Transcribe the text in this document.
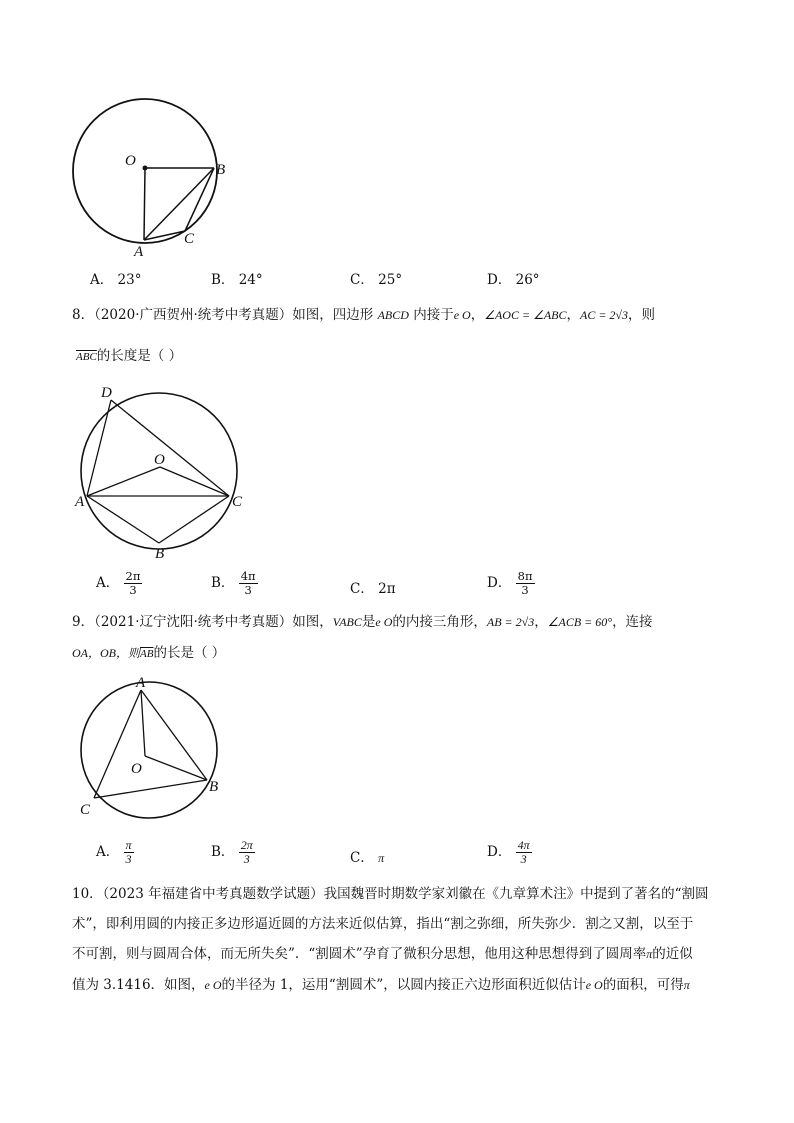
O
B
C
A
A． 23°	B． 24°	C． 25°	D． 26°
8．（2020·广西贺州·统考中考真题）如图，四边形 ABCD 内接于e O，∠AOC = ∠ABC，AC = 2√3，则
$\overline{ABC}$的长度是（ ）
D
O
A	C
B
A． $\frac{2\pi}{3}$	B． $\frac{4\pi}{3}$	C． 2π	D． $\frac{8\pi}{3}$
9．（2021·辽宁沈阳·统考中考真题）如图，VABC是e O的内接三角形，AB = 2√3，∠ACB = 60°，连接
OA，OB，则$\overline{AB}$的长是（ ）
A
O
B
C
A． $\frac{\pi}{3}$	B． $\frac{2\pi}{3}$	C． π	D． $\frac{4\pi}{3}$
10．（2023 年福建省中考真题数学试题）我国魏晋时期数学家刘徽在《九章算术注》中提到了著名的“割圆
术”，即利用圆的内接正多边形逼近圆的方法来近似估算，指出“割之弥细，所失弥少．割之又割，以至于
不可割，则与圆周合体，而无所失矣”．“割圆术”孕育了微积分思想，他用这种思想得到了圆周率π的近似
值为 3.1416．如图，e O的半径为 1，运用“割圆术”，以圆内接正六边形面积近似估计e O的面积，可得π
